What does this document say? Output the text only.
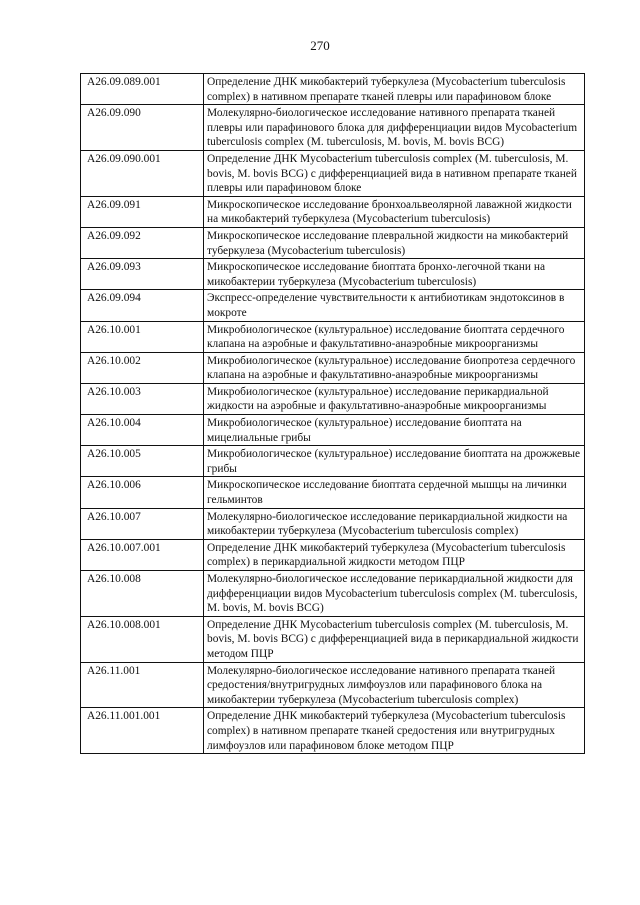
270
A26.09.089.001	Определение ДНК микобактерий туберкулеза (Mycobacterium tuberculosis complex) в нативном препарате тканей плевры или парафиновом блоке
A26.09.090	Молекулярно-биологическое исследование нативного препарата тканей плевры или парафинового блока для дифференциации видов Mycobacterium tuberculosis complex (M. tuberculosis, M. bovis, M. bovis BCG)
A26.09.090.001	Определение ДНК Mycobacterium tuberculosis complex (M. tuberculosis, M. bovis, M. bovis BCG) с дифференциацией вида в нативном препарате тканей плевры или парафиновом блоке
A26.09.091	Микроскопическое исследование бронхоальвеолярной лаважной жидкости на микобактерий туберкулеза (Mycobacterium tuberculosis)
A26.09.092	Микроскопическое исследование плевральной жидкости на микобактерий туберкулеза (Mycobacterium tuberculosis)
A26.09.093	Микроскопическое исследование биоптата бронхо-легочной ткани на микобактерии туберкулеза (Mycobacterium tuberculosis)
A26.09.094	Экспресс-определение чувствительности к антибиотикам эндотоксинов в мокроте
A26.10.001	Микробиологическое (культуральное) исследование биоптата сердечного клапана на аэробные и факультативно-анаэробные микроорганизмы
A26.10.002	Микробиологическое (культуральное) исследование биопротеза сердечного клапана на аэробные и факультативно-анаэробные микроорганизмы
A26.10.003	Микробиологическое (культуральное) исследование перикардиальной жидкости на аэробные и факультативно-анаэробные микроорганизмы
A26.10.004	Микробиологическое (культуральное) исследование биоптата на мицелиальные грибы
A26.10.005	Микробиологическое (культуральное) исследование биоптата на дрожжевые грибы
A26.10.006	Микроскопическое исследование биоптата сердечной мышцы на личинки гельминтов
A26.10.007	Молекулярно-биологическое исследование перикардиальной жидкости на микобактерии туберкулеза (Mycobacterium tuberculosis complex)
A26.10.007.001	Определение ДНК микобактерий туберкулеза (Mycobacterium tuberculosis complex) в перикардиальной жидкости методом ПЦР
A26.10.008	Молекулярно-биологическое исследование перикардиальной жидкости для дифференциации видов Mycobacterium tuberculosis complex (M. tuberculosis, M. bovis, M. bovis BCG)
A26.10.008.001	Определение ДНК Mycobacterium tuberculosis complex (M. tuberculosis, M. bovis, M. bovis BCG) с дифференциацией вида в перикардиальной жидкости методом ПЦР
A26.11.001	Молекулярно-биологическое исследование нативного препарата тканей средостения/внутригрудных лимфоузлов или парафинового блока на микобактерии туберкулеза (Mycobacterium tuberculosis complex)
A26.11.001.001	Определение ДНК микобактерий туберкулеза (Mycobacterium tuberculosis complex) в нативном препарате тканей средостения или внутригрудных лимфоузлов или парафиновом блоке методом ПЦР
